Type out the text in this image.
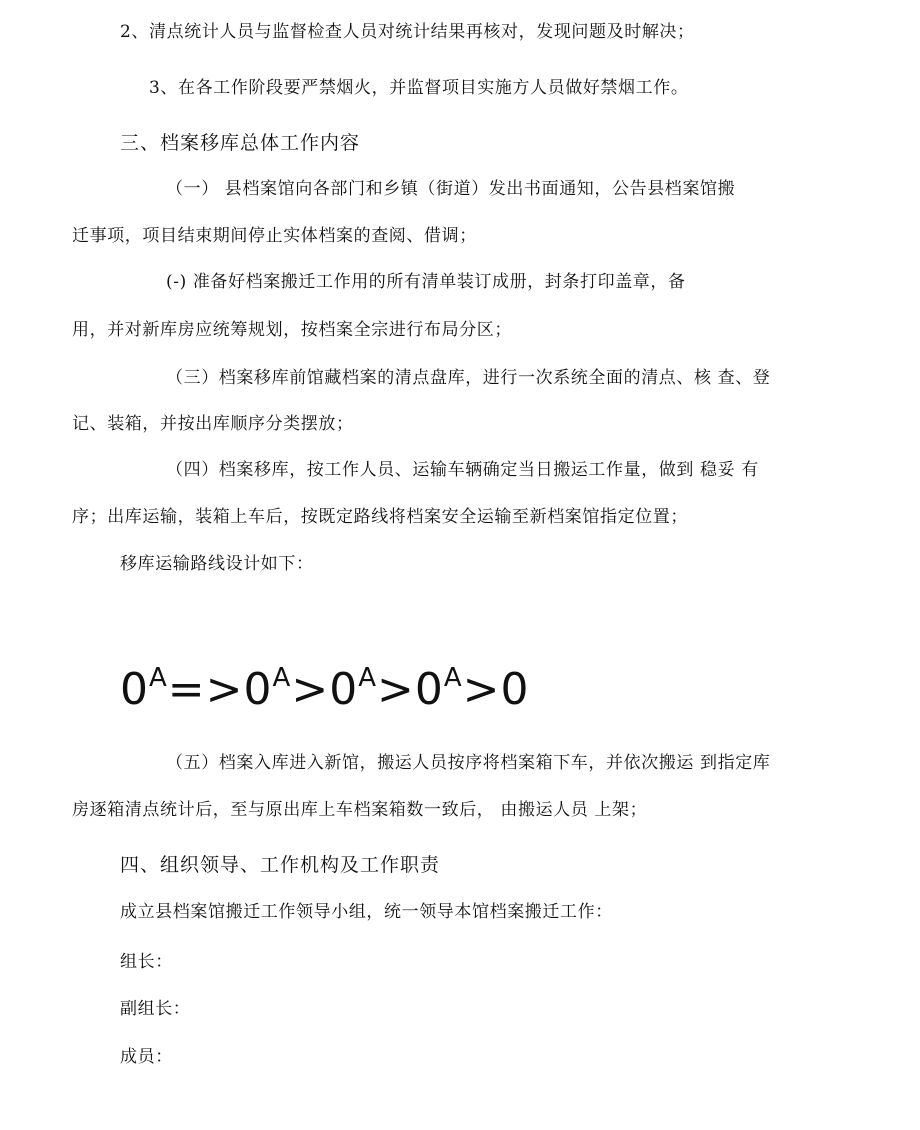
2、清点统计人员与监督检查人员对统计结果再核对，发现问题及时解决；

3、在各工作阶段要严禁烟火，并监督项目实施方人员做好禁烟工作。

三、档案移库总体工作内容

（一） 县档案馆向各部门和乡镇（街道）发出书面通知，公告县档案馆搬

迁事项，项目结束期间停止实体档案的查阅、借调；

(-) 准备好档案搬迁工作用的所有清单装订成册，封条打印盖章，备

用，并对新库房应统筹规划，按档案全宗进行布局分区；

（三）档案移库前馆藏档案的清点盘库，进行一次系统全面的清点、核 查、登

记、装箱，并按出库顺序分类摆放；

（四）档案移库，按工作人员、运输车辆确定当日搬运工作量，做到 稳妥 有

序；出库运输，装箱上车后，按既定路线将档案安全运输至新档案馆指定位置；

移库运输路线设计如下：

$0^A=>0^A>0^A>0^A>0$

（五）档案入库进入新馆，搬运人员按序将档案箱下车，并依次搬运 到指定库

房逐箱清点统计后，至与原出库上车档案箱数一致后， 由搬运人员 上架；

四、组织领导、工作机构及工作职责

成立县档案馆搬迁工作领导小组，统一领导本馆档案搬迁工作：

组长：

副组长：

成员：
